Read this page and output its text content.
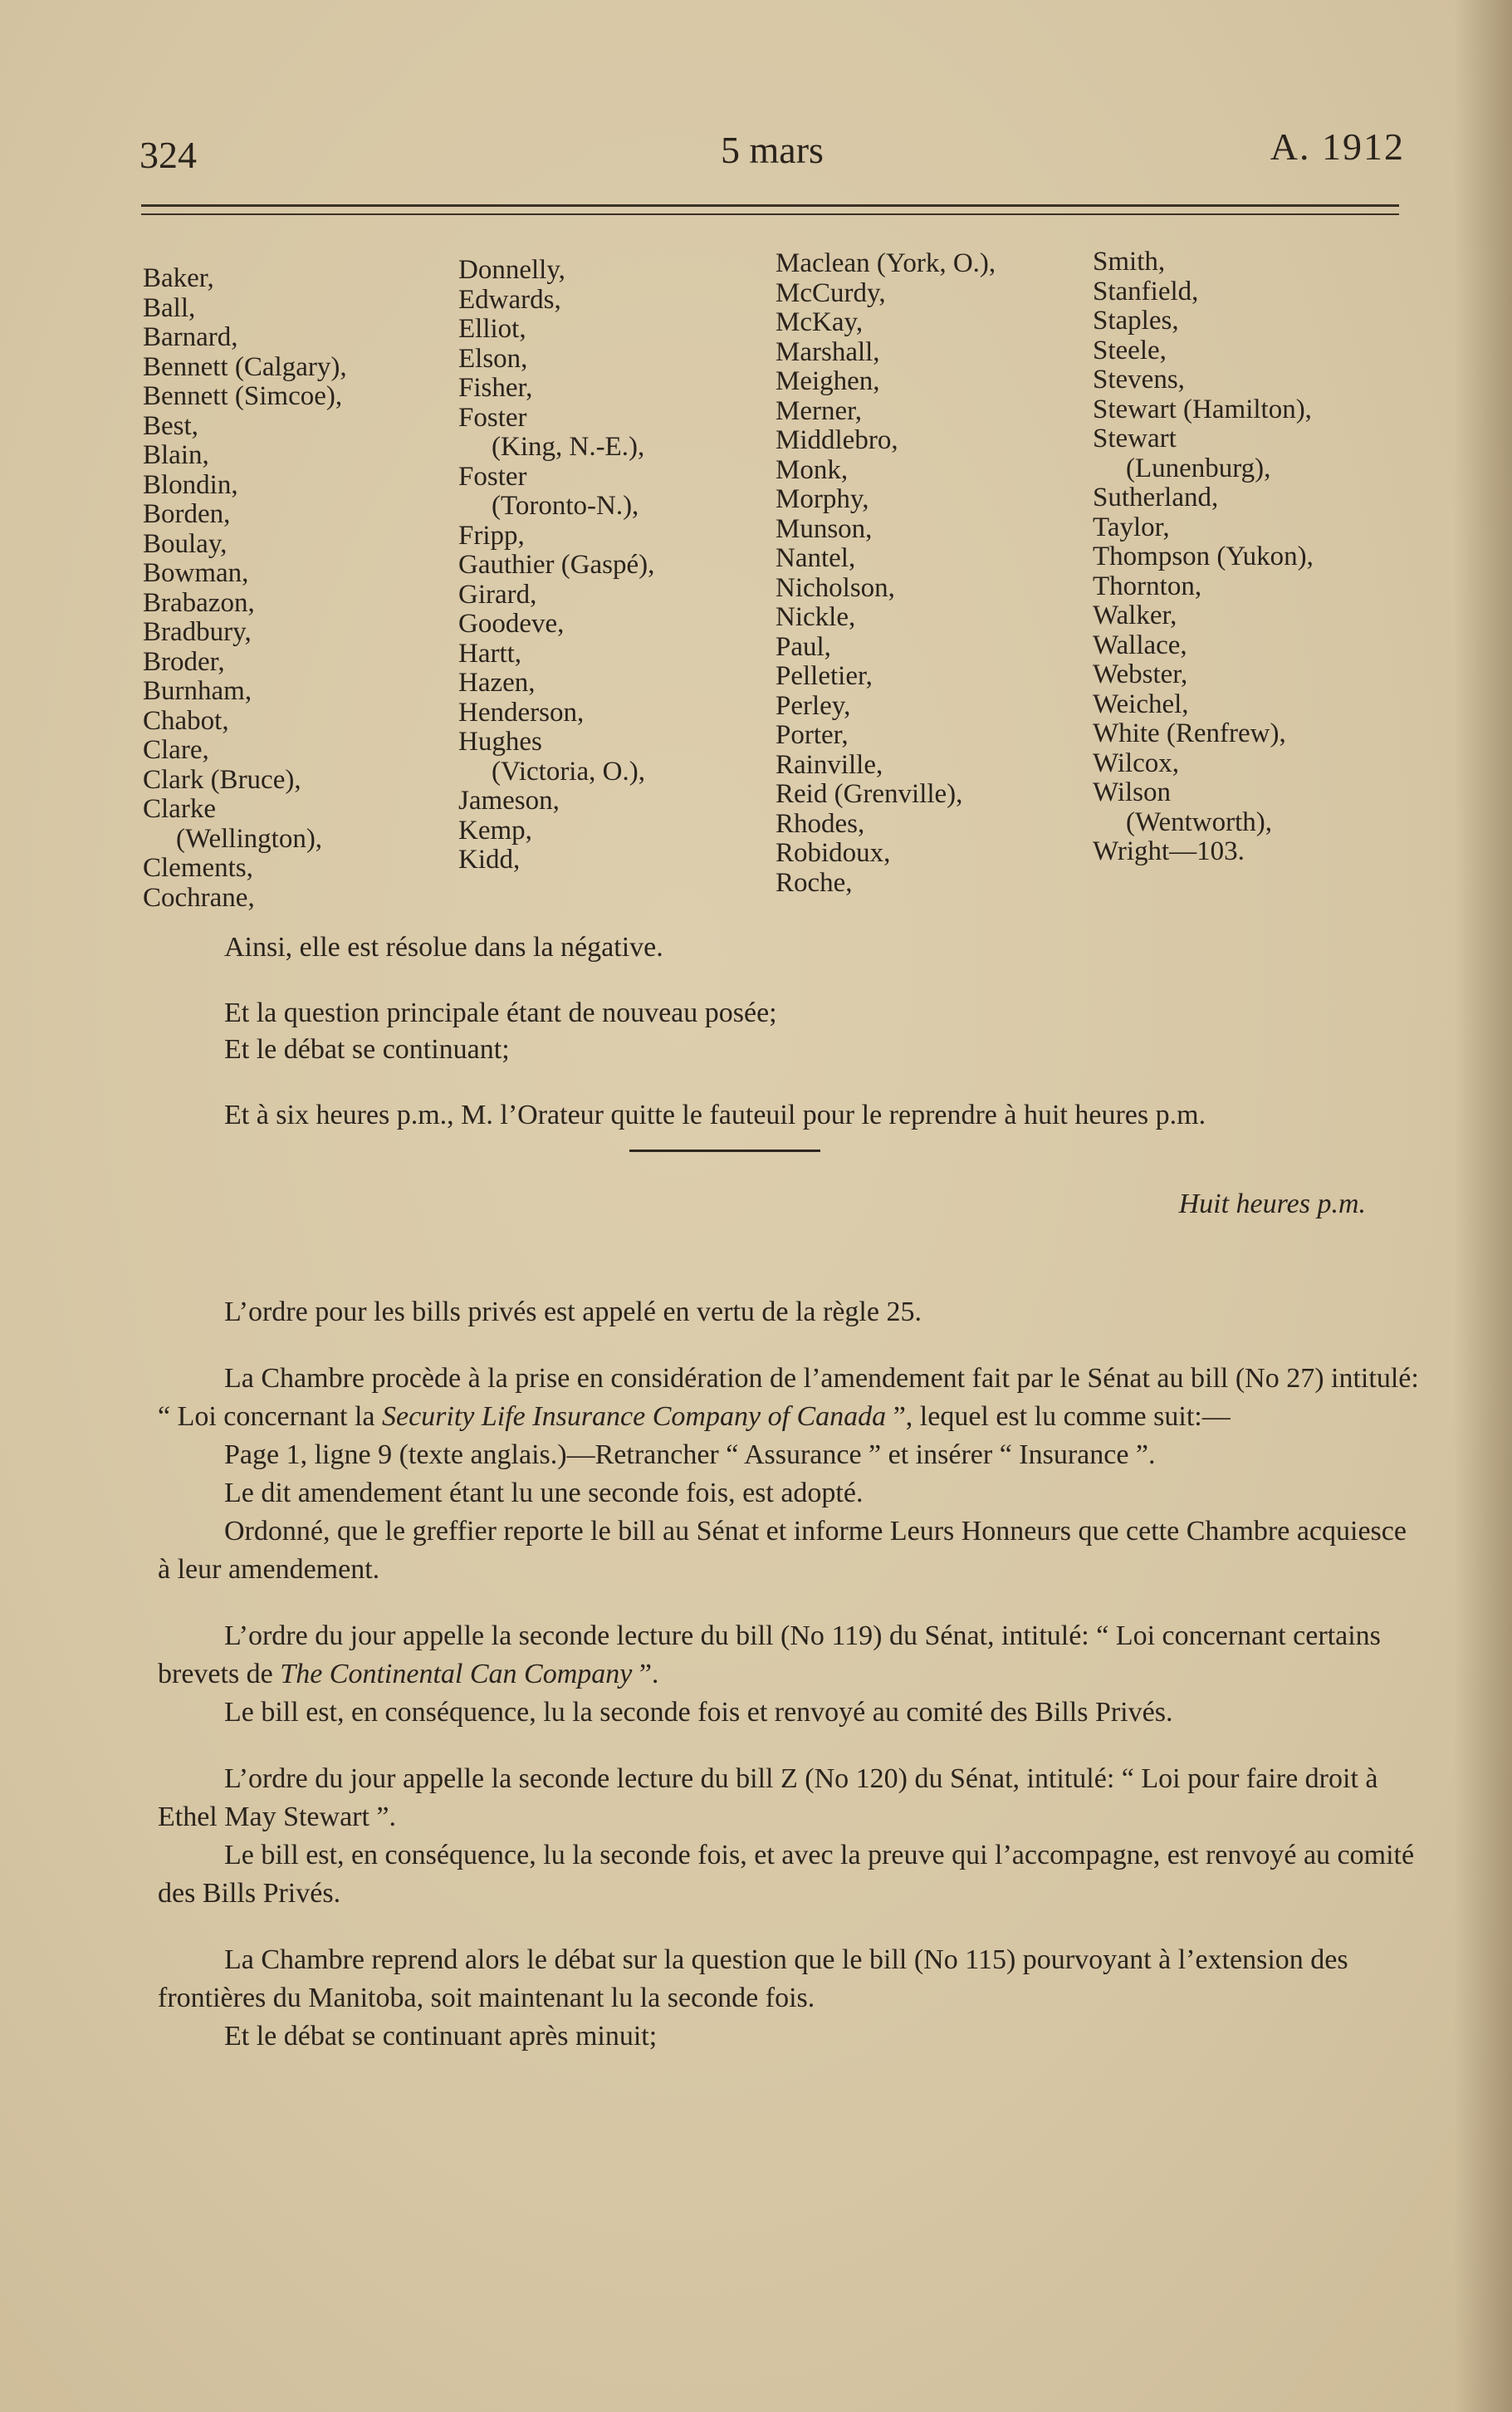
324	5 mars	A. 1912
Baker,
Ball,
Barnard,
Bennett (Calgary),
Bennett (Simcoe),
Best,
Blain,
Blondin,
Borden,
Boulay,
Bowman,
Brabazon,
Bradbury,
Broder,
Burnham,
Chabot,
Clare,
Clark (Bruce),
Clarke
(Wellington),
Clements,
Cochrane,
Donnelly,
Edwards,
Elliot,
Elson,
Fisher,
Foster
(King, N.-E.),
Foster
(Toronto-N.),
Fripp,
Gauthier (Gaspé),
Girard,
Goodeve,
Hartt,
Hazen,
Henderson,
Hughes
(Victoria, O.),
Jameson,
Kemp,
Kidd,
Maclean (York, O.),
McCurdy,
McKay,
Marshall,
Meighen,
Merner,
Middlebro,
Monk,
Morphy,
Munson,
Nantel,
Nicholson,
Nickle,
Paul,
Pelletier,
Perley,
Porter,
Rainville,
Reid (Grenville),
Rhodes,
Robidoux,
Roche,
Smith,
Stanfield,
Staples,
Steele,
Stevens,
Stewart (Hamilton),
Stewart
(Lunenburg),
Sutherland,
Taylor,
Thompson (Yukon),
Thornton,
Walker,
Wallace,
Webster,
Weichel,
White (Renfrew),
Wilcox,
Wilson
(Wentworth),
Wright—103.

Ainsi, elle est résolue dans la négative.

Et la question principale étant de nouveau posée;

Et le débat se continuant;

Et à six heures p.m., M. l’Orateur quitte le fauteuil pour le reprendre à huit heures p.m.

Huit heures p.m.

L’ordre pour les bills privés est appelé en vertu de la règle 25.

La Chambre procède à la prise en considération de l’amendement fait par le Sénat au bill (No 27) intitulé: “ Loi concernant la Security Life Insurance Company of Canada ”, lequel est lu comme suit:—

Page 1, ligne 9 (texte anglais.)—Retrancher “ Assurance ” et insérer “ Insurance ”.

Le dit amendement étant lu une seconde fois, est adopté.

Ordonné, que le greffier reporte le bill au Sénat et informe Leurs Honneurs que cette Chambre acquiesce à leur amendement.

L’ordre du jour appelle la seconde lecture du bill (No 119) du Sénat, intitulé: “ Loi concernant certains brevets de The Continental Can Company ”.

Le bill est, en conséquence, lu la seconde fois et renvoyé au comité des Bills Privés.

L’ordre du jour appelle la seconde lecture du bill Z (No 120) du Sénat, intitulé: “ Loi pour faire droit à Ethel May Stewart ”.

Le bill est, en conséquence, lu la seconde fois, et avec la preuve qui l’accompagne, est renvoyé au comité des Bills Privés.

La Chambre reprend alors le débat sur la question que le bill (No 115) pourvoyant à l’extension des frontières du Manitoba, soit maintenant lu la seconde fois.

Et le débat se continuant après minuit;
